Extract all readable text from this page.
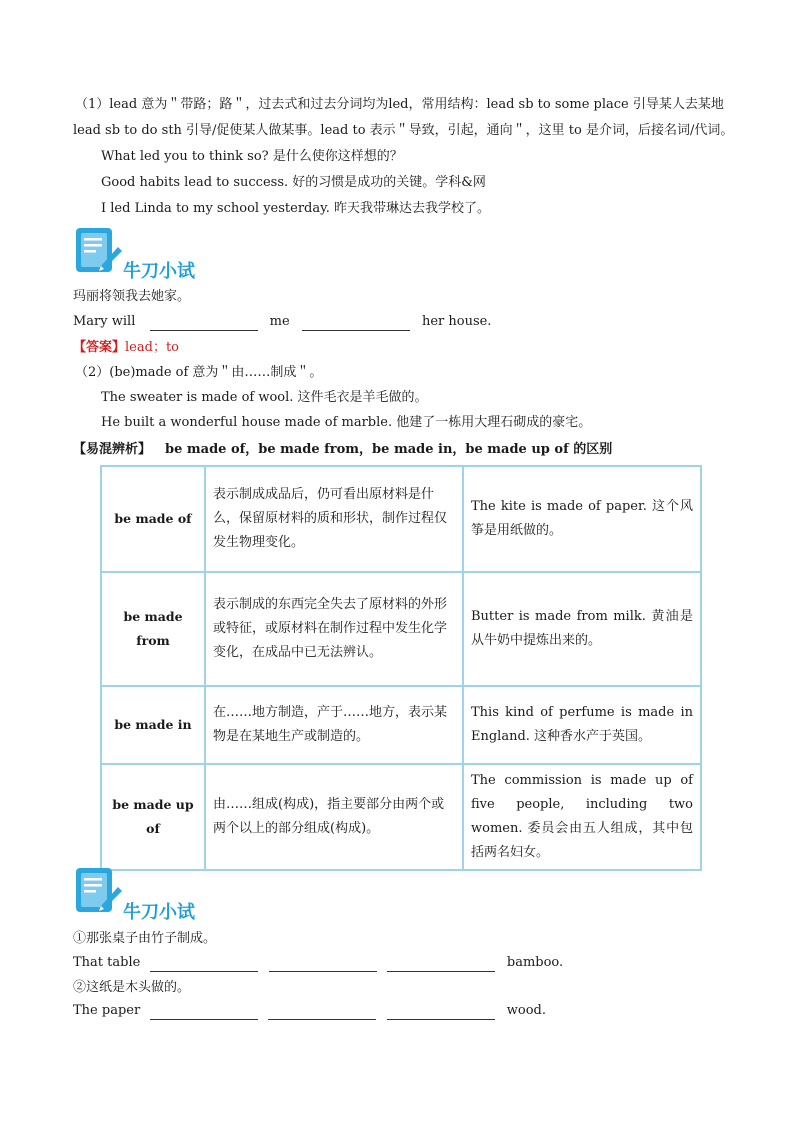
（1）lead 意为＂带路；路＂，过去式和过去分词均为led，常用结构：lead sb to some place 引导某人去某地
lead sb to do sth 引导/促使某人做某事。lead to 表示＂导致，引起，通向＂，这里 to 是介词，后接名词/代词。
What led you to think so? 是什么使你这样想的？
Good habits lead to success. 好的习惯是成功的关键。学科&网
I led Linda to my school yesterday. 昨天我带琳达去我学校了。
牛刀小试
玛丽将领我去她家。
Mary will	me	her house.
【答案】lead；to
（2）(be)made of 意为＂由……制成＂。
The sweater is made of wool. 这件毛衣是羊毛做的。
He built a wonderful house made of marble. 他建了一栋用大理石砌成的豪宅。
【易混辨析】 be made of，be made from，be made in，be made up of 的区别
be made of	表示制成成品后，仍可看出原材料是什么，保留原材料的质和形状，制作过程仅发生物理变化。	The kite is made of paper. 这个风筝是用纸做的。
be made from	表示制成的东西完全失去了原材料的外形或特征，或原材料在制作过程中发生化学变化，在成品中已无法辨认。	Butter is made from milk. 黄油是从牛奶中提炼出来的。
be made in	在……地方制造，产于……地方，表示某物是在某地生产或制造的。	This kind of perfume is made in England. 这种香水产于英国。
be made up of	由……组成(构成)，指主要部分由两个或两个以上的部分组成(构成)。	The commission is made up of five people, including two women. 委员会由五人组成，其中包括两名妇女。
牛刀小试
①那张桌子由竹子制成。
That table	bamboo.
②这纸是木头做的。
The paper	wood.
